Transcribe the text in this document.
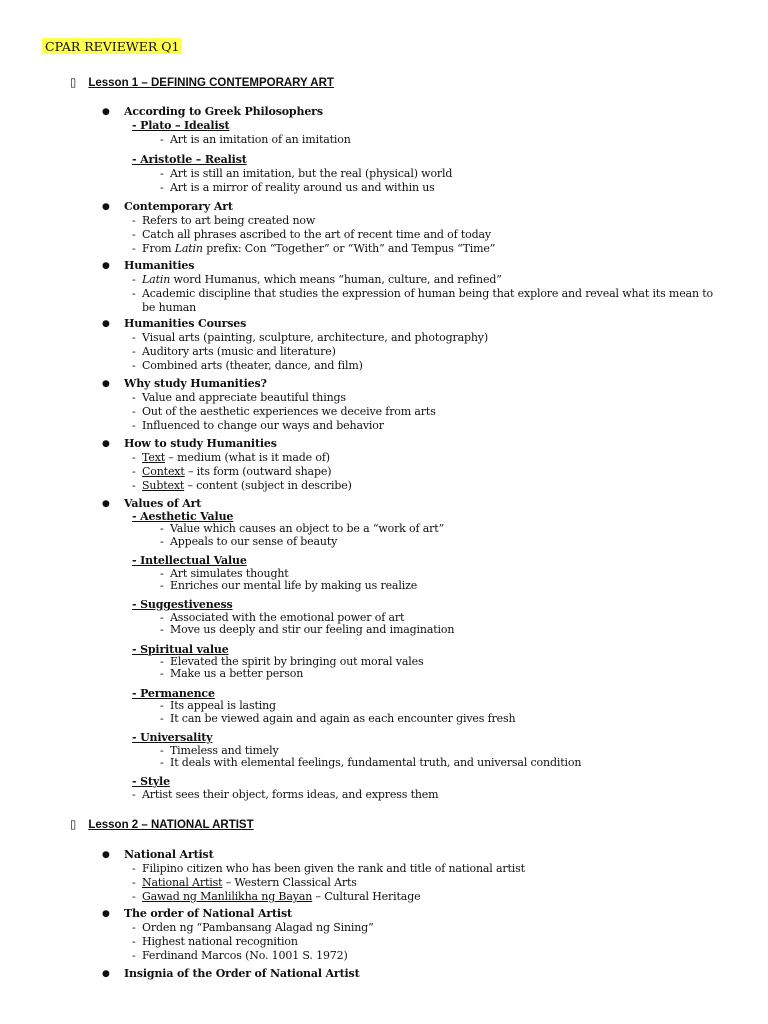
CPAR REVIEWER Q1
▯ Lesson 1 – DEFINING CONTEMPORARY ART
● According to Greek Philosophers
- Plato – Idealist
- Art is an imitation of an imitation
- Aristotle – Realist
- Art is still an imitation, but the real (physical) world
- Art is a mirror of reality around us and within us
● Contemporary Art
- Refers to art being created now
- Catch all phrases ascribed to the art of recent time and of today
- From Latin prefix: Con “Together” or “With” and Tempus “Time”
● Humanities
- Latin word Humanus, which means “human, culture, and refined”
- Academic discipline that studies the expression of human being that explore and reveal what its mean to be human
● Humanities Courses
- Visual arts (painting, sculpture, architecture, and photography)
- Auditory arts (music and literature)
- Combined arts (theater, dance, and film)
● Why study Humanities?
- Value and appreciate beautiful things
- Out of the aesthetic experiences we deceive from arts
- Influenced to change our ways and behavior
● How to study Humanities
- Text – medium (what is it made of)
- Context – its form (outward shape)
- Subtext – content (subject in describe)
● Values of Art
- Aesthetic Value
- Value which causes an object to be a “work of art”
- Appeals to our sense of beauty
- Intellectual Value
- Art simulates thought
- Enriches our mental life by making us realize
- Suggestiveness
- Associated with the emotional power of art
- Move us deeply and stir our feeling and imagination
- Spiritual value
- Elevated the spirit by bringing out moral vales
- Make us a better person
- Permanence
- Its appeal is lasting
- It can be viewed again and again as each encounter gives fresh
- Universality
- Timeless and timely
- It deals with elemental feelings, fundamental truth, and universal condition
- Style
- Artist sees their object, forms ideas, and express them
▯ Lesson 2 – NATIONAL ARTIST
● National Artist
- Filipino citizen who has been given the rank and title of national artist
- National Artist – Western Classical Arts
- Gawad ng Manlilikha ng Bayan – Cultural Heritage
● The order of National Artist
- Orden ng “Pambansang Alagad ng Sining”
- Highest national recognition
- Ferdinand Marcos (No. 1001 S. 1972)
● Insignia of the Order of National Artist
